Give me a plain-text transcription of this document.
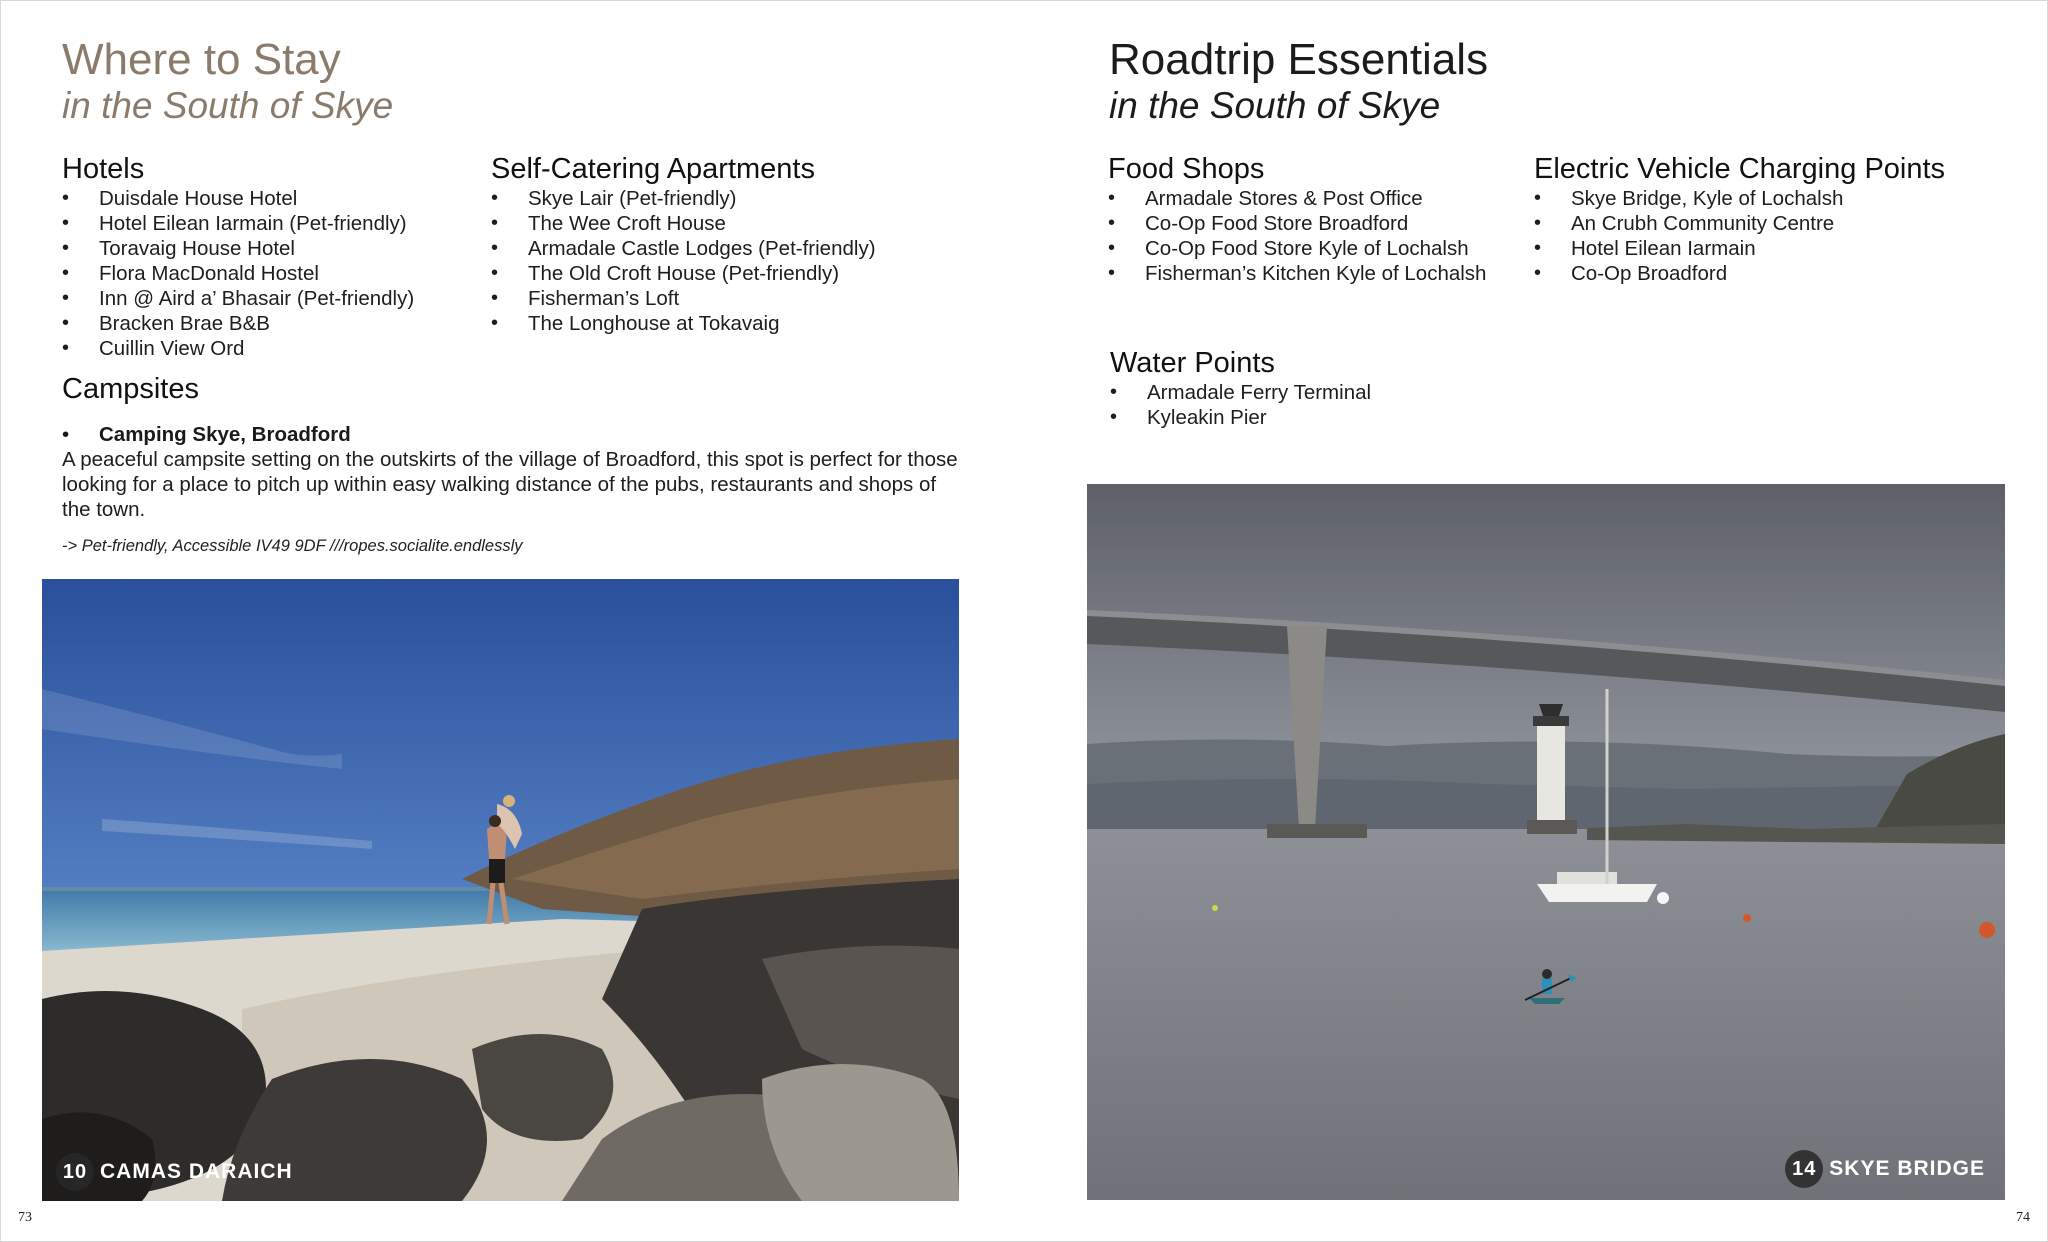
Where to Stay
in the South of Skye
Hotels
• Duisdale House Hotel
• Hotel Eilean Iarmain (Pet-friendly)
• Toravaig House Hotel
• Flora MacDonald Hostel
• Inn @ Aird a’ Bhasair (Pet-friendly)
• Bracken Brae B&B
• Cuillin View Ord
Self-Catering Apartments
• Skye Lair (Pet-friendly)
• The Wee Croft House
• Armadale Castle Lodges (Pet-friendly)
• The Old Croft House (Pet-friendly)
• Fisherman’s Loft
• The Longhouse at Tokavaig
Campsites
• Camping Skye, Broadford

A peaceful campsite setting on the outskirts of the village of Broadford, this spot is perfect for those looking for a place to pitch up within easy walking distance of the pubs, restaurants and shops of the town.

-> Pet-friendly, Accessible IV49 9DF ///ropes.socialite.endlessly

10 CAMAS DARAICH
73
Roadtrip Essentials
in the South of Skye
Food Shops
• Armadale Stores & Post Office
• Co-Op Food Store Broadford
• Co-Op Food Store Kyle of Lochalsh
• Fisherman’s Kitchen Kyle of Lochalsh
Electric Vehicle Charging Points
• Skye Bridge, Kyle of Lochalsh
• An Crubh Community Centre
• Hotel Eilean Iarmain
• Co-Op Broadford
Water Points
• Armadale Ferry Terminal
• Kyleakin Pier
14 SKYE BRIDGE
74
